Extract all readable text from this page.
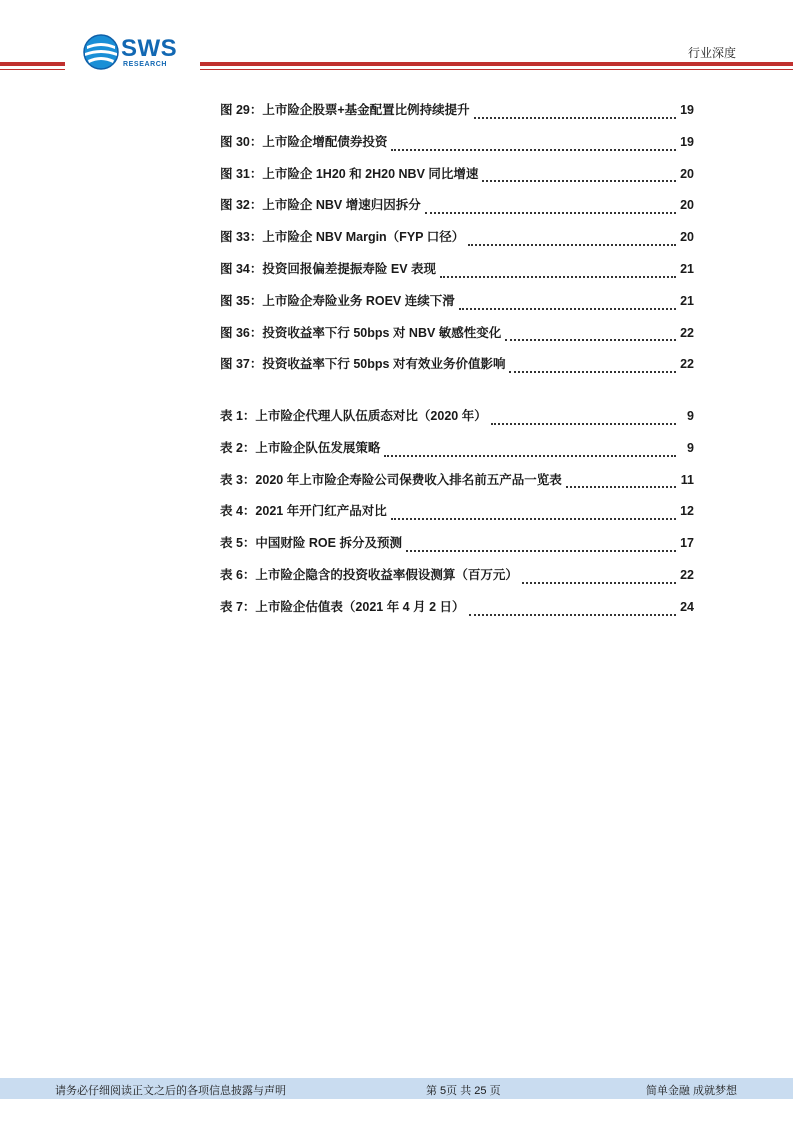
SWS
RESEARCH
行业深度
图 29：上市险企股票+基金配置比例持续提升	19
图 30：上市险企增配债券投资	19
图 31：上市险企 1H20 和 2H20 NBV 同比增速	20
图 32：上市险企 NBV 增速归因拆分	20
图 33：上市险企 NBV Margin（FYP 口径）	20
图 34：投资回报偏差提振寿险 EV 表现	21
图 35：上市险企寿险业务 ROEV 连续下滑	21
图 36：投资收益率下行 50bps 对 NBV 敏感性变化	22
图 37：投资收益率下行 50bps 对有效业务价值影响	22
表 1：上市险企代理人队伍质态对比（2020 年）	9
表 2：上市险企队伍发展策略	9
表 3：2020 年上市险企寿险公司保费收入排名前五产品一览表	11
表 4：2021 年开门红产品对比	12
表 5：中国财险 ROE 拆分及预测	17
表 6：上市险企隐含的投资收益率假设测算（百万元）	22
表 7：上市险企估值表（2021 年 4 月 2 日）	24
请务必仔细阅读正文之后的各项信息披露与声明	第 5页 共 25 页	简单金融 成就梦想
